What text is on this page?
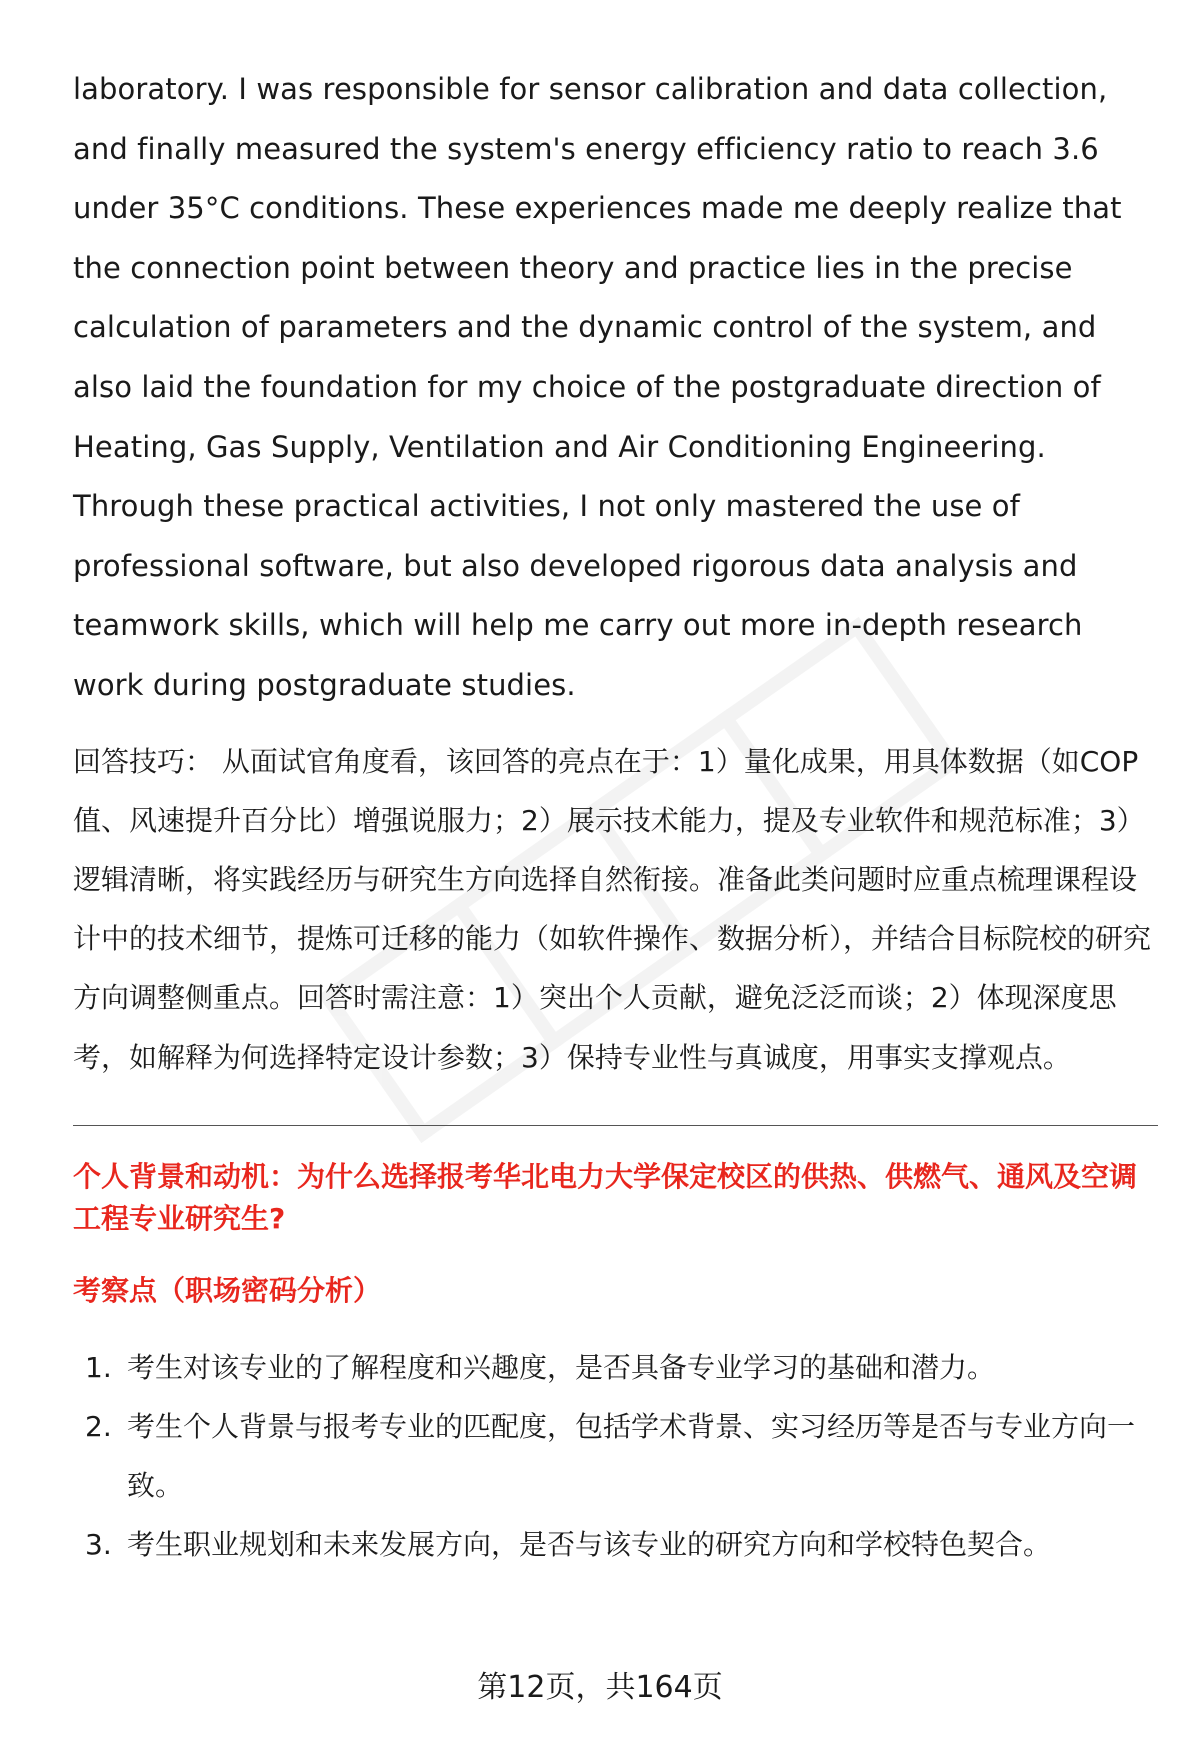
laboratory. I was responsible for sensor calibration and data collection, and finally measured the system's energy efficiency ratio to reach 3.6 under 35°C conditions. These experiences made me deeply realize that the connection point between theory and practice lies in the precise calculation of parameters and the dynamic control of the system, and also laid the foundation for my choice of the postgraduate direction of Heating, Gas Supply, Ventilation and Air Conditioning Engineering. Through these practical activities, I not only mastered the use of professional software, but also developed rigorous data analysis and teamwork skills, which will help me carry out more in-depth research work during postgraduate studies.

回答技巧： 从面试官角度看，该回答的亮点在于：1）量化成果，用具体数据（如COP值、风速提升百分比）增强说服力；2）展示技术能力，提及专业软件和规范标准；3）逻辑清晰，将实践经历与研究生方向选择自然衔接。准备此类问题时应重点梳理课程设计中的技术细节，提炼可迁移的能力（如软件操作、数据分析），并结合目标院校的研究方向调整侧重点。回答时需注意：1）突出个人贡献，避免泛泛而谈；2）体现深度思考，如解释为何选择特定设计参数；3）保持专业性与真诚度，用事实支撑观点。

个人背景和动机：为什么选择报考华北电力大学保定校区的供热、供燃气、通风及空调工程专业研究生?

考察点（职场密码分析）

1. 考生对该专业的了解程度和兴趣度，是否具备专业学习的基础和潜力。
2. 考生个人背景与报考专业的匹配度，包括学术背景、实习经历等是否与专业方向一致。
3. 考生职业规划和未来发展方向，是否与该专业的研究方向和学校特色契合。
第12页，共164页
